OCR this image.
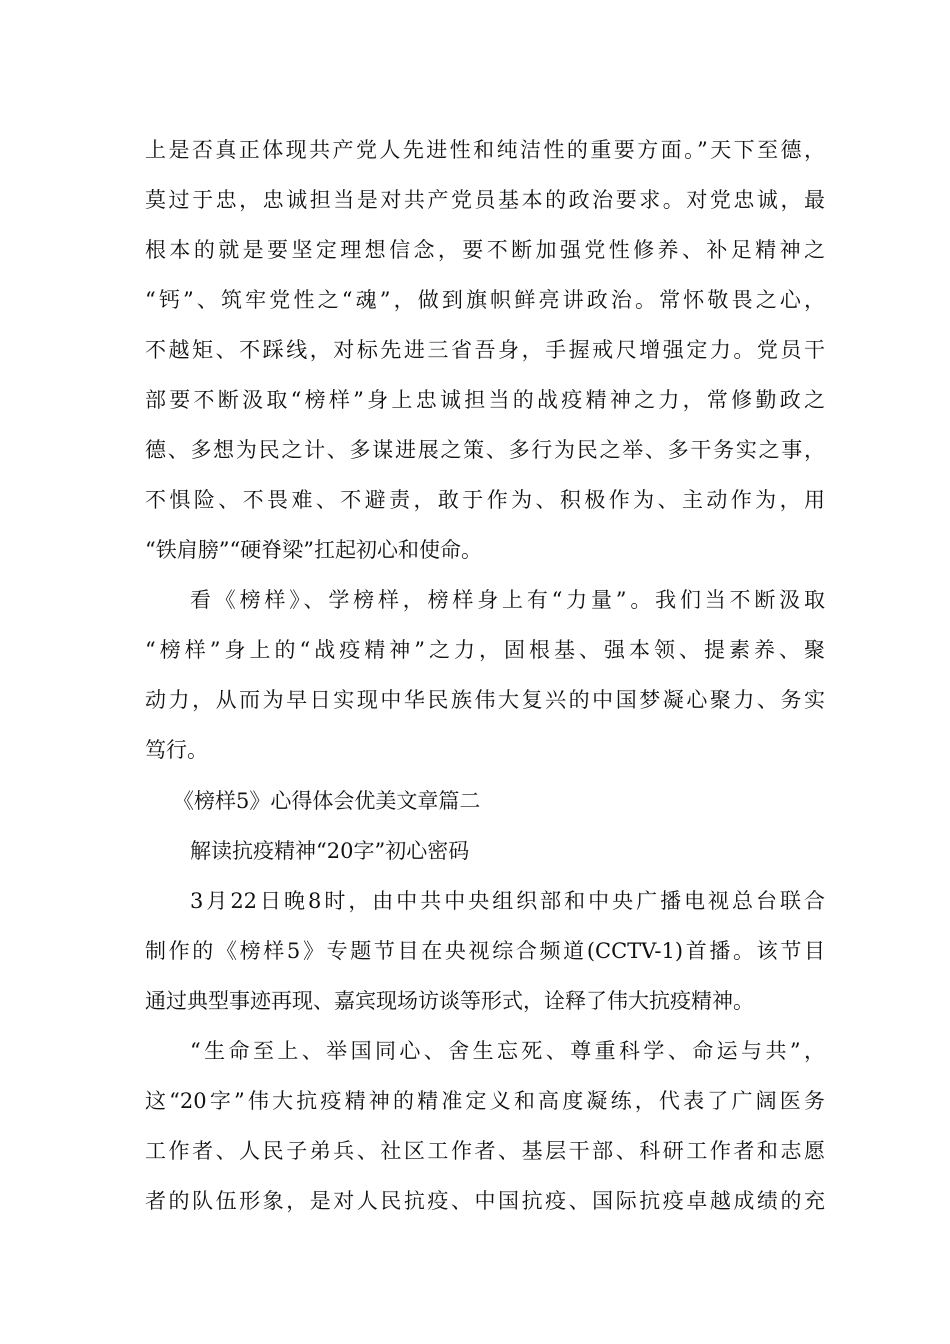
上是否真正体现共产党人先进性和纯洁性的重要方面。”天下至德，
莫过于忠，忠诚担当是对共产党员基本的政治要求。对党忠诚，最
根本的就是要坚定理想信念，要不断加强党性修养、补足精神之
“钙”、筑牢党性之“魂”，做到旗帜鲜亮讲政治。常怀敬畏之心，
不越矩、不踩线，对标先进三省吾身，手握戒尺增强定力。党员干
部要不断汲取“榜样”身上忠诚担当的战疫精神之力，常修勤政之
德、多想为民之计、多谋进展之策、多行为民之举、多干务实之事，
不惧险、不畏难、不避责，敢于作为、积极作为、主动作为，用
“铁肩膀”“硬脊梁”扛起初心和使命。
看《榜样》、学榜样，榜样身上有“力量”。我们当不断汲取
“榜样”身上的“战疫精神”之力，固根基、强本领、提素养、聚
动力，从而为早日实现中华民族伟大复兴的中国梦凝心聚力、务实
笃行。
《榜样5》心得体会优美文章篇二
解读抗疫精神“20字”初心密码
3月22日晚8时，由中共中央组织部和中央广播电视总台联合
制作的《榜样5》专题节目在央视综合频道(CCTV-1)首播。该节目
通过典型事迹再现、嘉宾现场访谈等形式，诠释了伟大抗疫精神。
“生命至上、举国同心、舍生忘死、尊重科学、命运与共”，
这“20字”伟大抗疫精神的精准定义和高度凝练，代表了广阔医务
工作者、人民子弟兵、社区工作者、基层干部、科研工作者和志愿
者的队伍形象，是对人民抗疫、中国抗疫、国际抗疫卓越成绩的充
